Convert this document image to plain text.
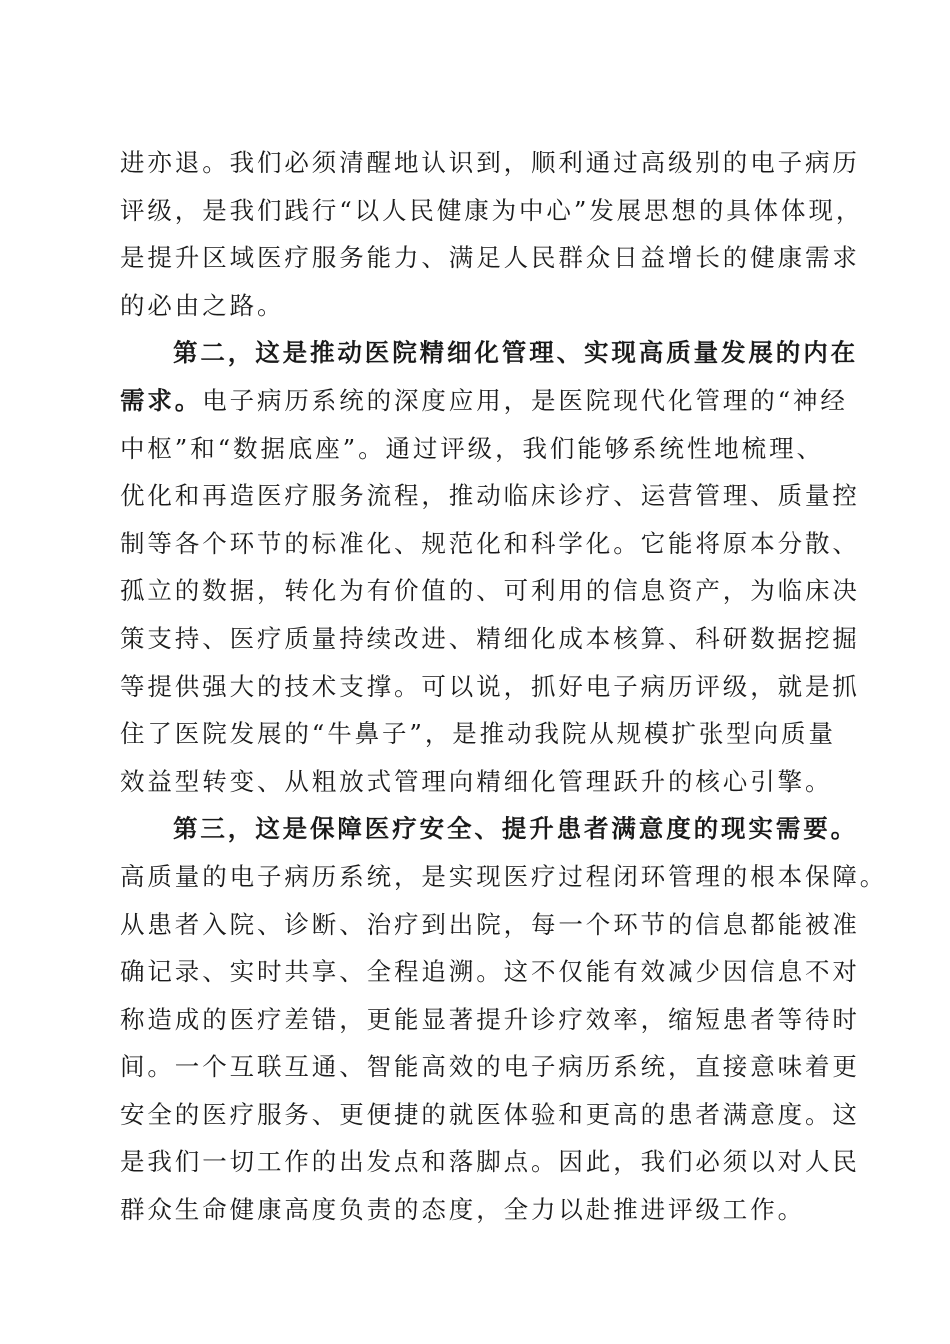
进亦退。我们必须清醒地认识到，顺利通过高级别的电子病历
评级，是我们践行“以人民健康为中心”发展思想的具体体现，
是提升区域医疗服务能力、满足人民群众日益增长的健康需求
的必由之路。
第二，这是推动医院精细化管理、实现高质量发展的内在
需求。电子病历系统的深度应用，是医院现代化管理的“神经
中枢”和“数据底座”。通过评级，我们能够系统性地梳理、
优化和再造医疗服务流程，推动临床诊疗、运营管理、质量控
制等各个环节的标准化、规范化和科学化。它能将原本分散、
孤立的数据，转化为有价值的、可利用的信息资产，为临床决
策支持、医疗质量持续改进、精细化成本核算、科研数据挖掘
等提供强大的技术支撑。可以说，抓好电子病历评级，就是抓
住了医院发展的“牛鼻子”，是推动我院从规模扩张型向质量
效益型转变、从粗放式管理向精细化管理跃升的核心引擎。
第三，这是保障医疗安全、提升患者满意度的现实需要。
高质量的电子病历系统，是实现医疗过程闭环管理的根本保障。
从患者入院、诊断、治疗到出院，每一个环节的信息都能被准
确记录、实时共享、全程追溯。这不仅能有效减少因信息不对
称造成的医疗差错，更能显著提升诊疗效率，缩短患者等待时
间。一个互联互通、智能高效的电子病历系统，直接意味着更
安全的医疗服务、更便捷的就医体验和更高的患者满意度。这
是我们一切工作的出发点和落脚点。因此，我们必须以对人民
群众生命健康高度负责的态度，全力以赴推进评级工作。
